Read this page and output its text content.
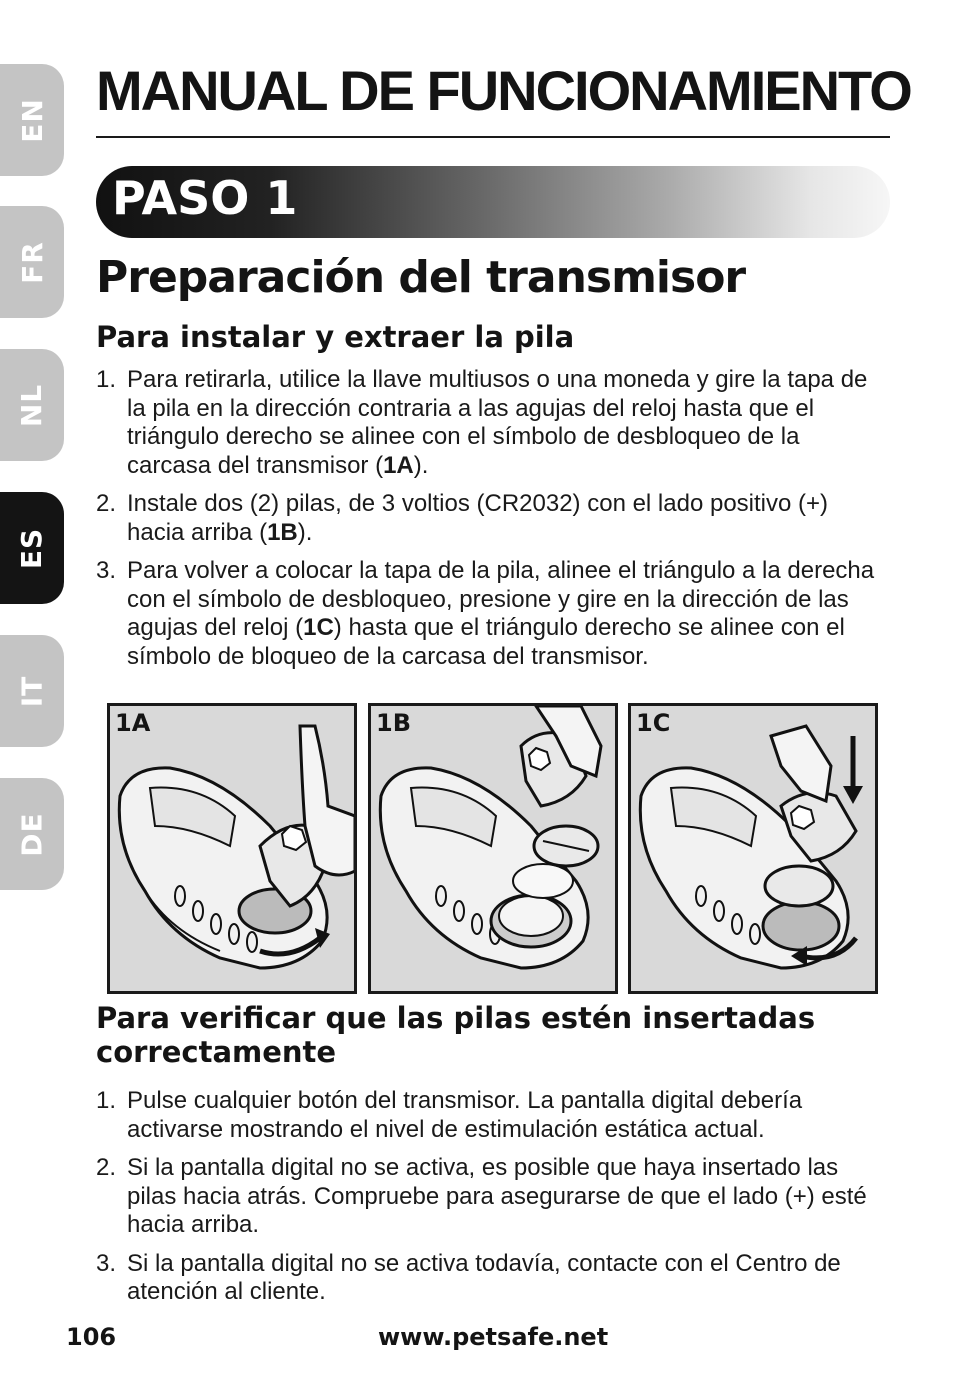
EN
FR
NL
ES
IT
DE
MANUAL DE FUNCIONAMIENTO
PASO 1
Preparación del transmisor
Para instalar y extraer la pila
1. Para retirarla, utilice la llave multiusos o una moneda y gire la tapa de la pila en la dirección contraria a las agujas del reloj hasta que el triángulo derecho se alinee con el símbolo de desbloqueo de la carcasa del transmisor (1A).
2. Instale dos (2) pilas, de 3 voltios (CR2032) con el lado positivo (+) hacia arriba (1B).
3. Para volver a colocar la tapa de la pila, alinee el triángulo a la derecha con el símbolo de desbloqueo, presione y gire en la dirección de las agujas del reloj (1C) hasta que el triángulo derecho se alinee con el símbolo de bloqueo de la carcasa del transmisor.
1A	1B	1C
Para verificar que las pilas estén insertadas correctamente
1. Pulse cualquier botón del transmisor. La pantalla digital debería activarse mostrando el nivel de estimulación estática actual.
2. Si la pantalla digital no se activa, es posible que haya insertado las pilas hacia atrás. Compruebe para asegurarse de que el lado (+) esté hacia arriba.
3. Si la pantalla digital no se activa todavía, contacte con el Centro de atención al cliente.
106	www.petsafe.net
